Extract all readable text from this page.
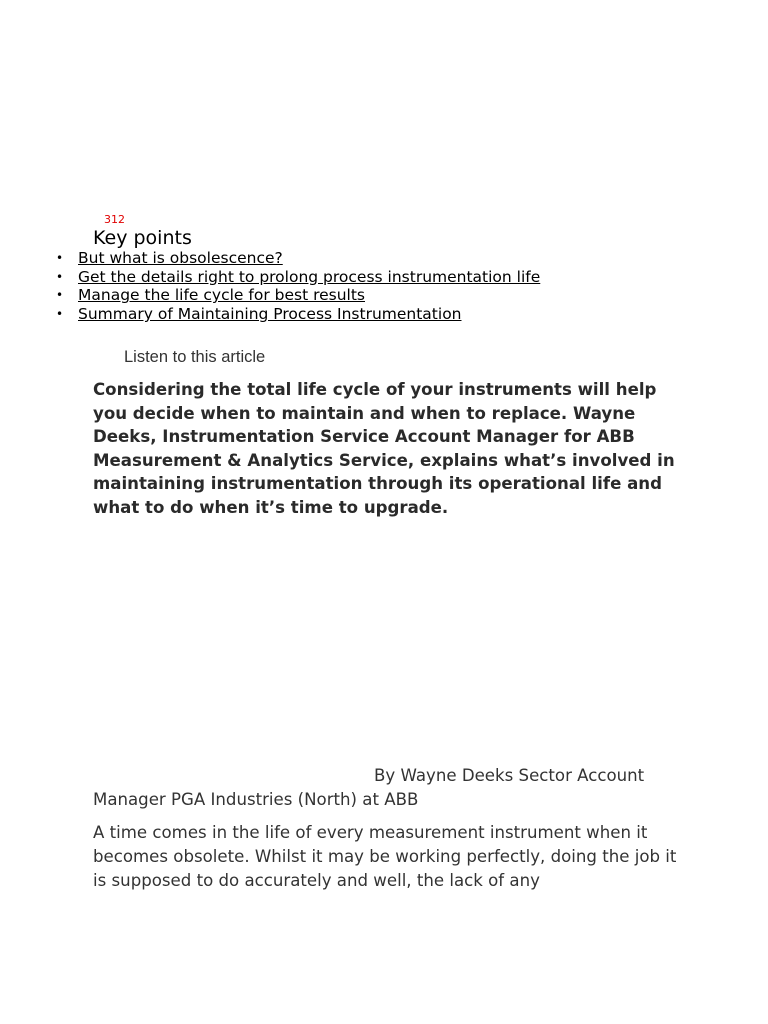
312
Key points
• But what is obsolescence?
• Get the details right to prolong process instrumentation life
• Manage the life cycle for best results
• Summary of Maintaining Process Instrumentation
Listen to this article

Considering the total life cycle of your instruments will help you decide when to maintain and when to replace. Wayne Deeks, Instrumentation Service Account Manager for ABB Measurement & Analytics Service, explains what’s involved in maintaining instrumentation through its operational life and what to do when it’s time to upgrade.

By Wayne Deeks Sector Account Manager PGA Industries (North) at ABB

A time comes in the life of every measurement instrument when it becomes obsolete. Whilst it may be working perfectly, doing the job it is supposed to do accurately and well, the lack of any
